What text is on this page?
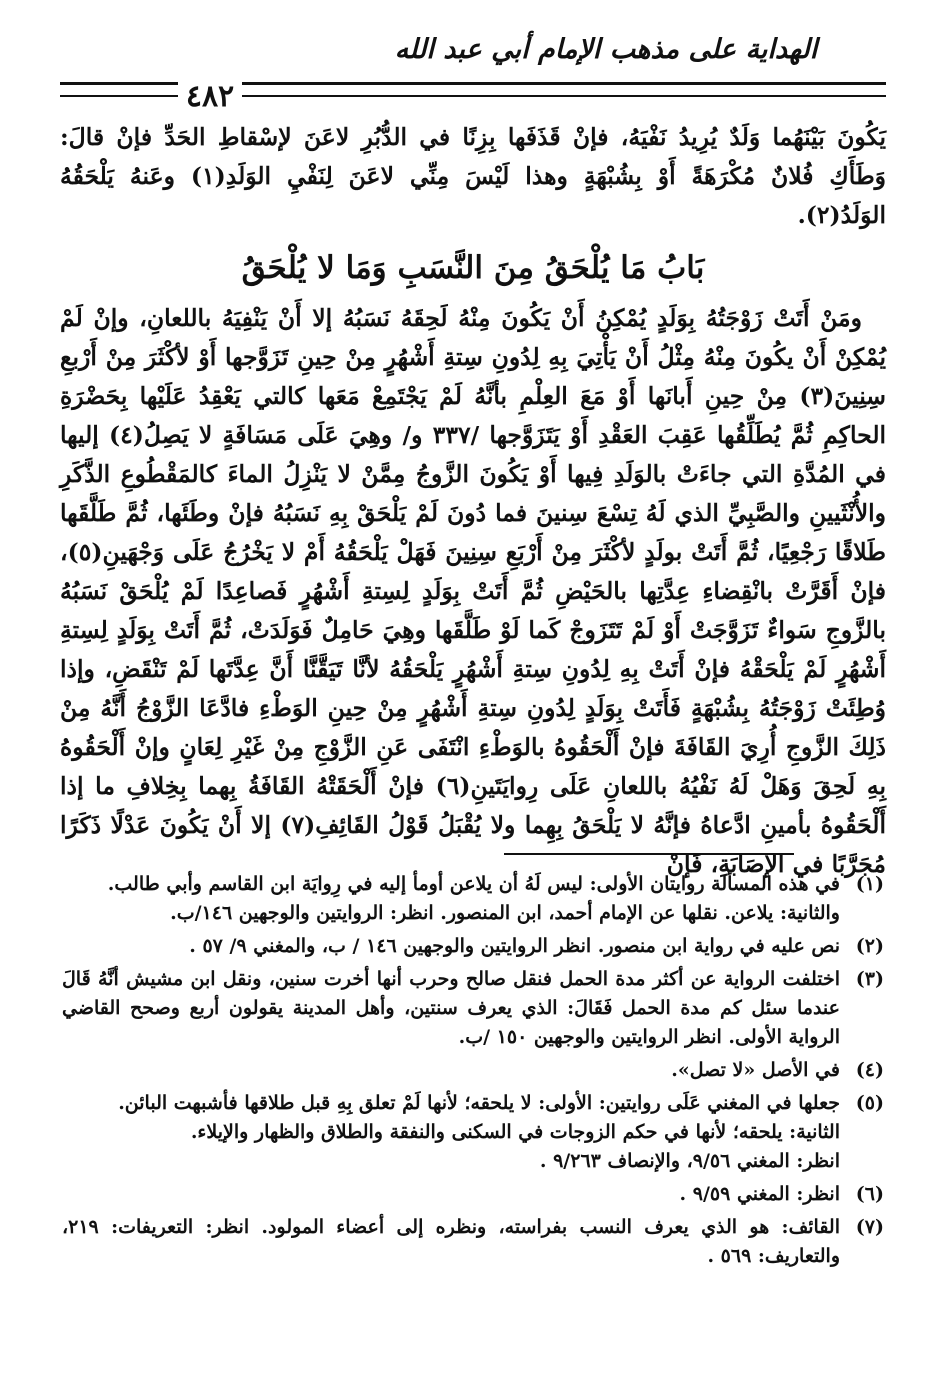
الهداية على مذهب الإمام أبي عبد الله
٤٨٢

يَكُونَ بَيْنَهُما وَلَدٌ يُرِيدُ نَفْيَهُ، فإنْ قَذَفَها بِزِنًا في الدُّبُرِ لاعَنَ لإسْقاطِ الحَدِّ فإنْ قالَ: وَطَأَكِ فُلانٌ مُكْرَهَةً أَوْ بِشُبْهَةٍ وهذا لَيْسَ مِنِّي لاعَنَ لِنَفْيِ الوَلَدِ(١) وعَنهُ يَلْحَقُهُ الوَلَدُ(٢).

بَابُ مَا يُلْحَقُ مِنَ النَّسَبِ وَمَا لا يُلْحَقُ

ومَنْ أَتَتْ زَوْجَتُهُ بِوَلَدٍ يُمْكِنُ أَنْ يَكُونَ مِنْهُ لَحِقَهُ نَسَبُهُ إلا أَنْ يَنْفِيَهُ باللعانِ، وإنْ لَمْ يُمْكِنْ أَنْ يكُونَ مِنْهُ مِثْلُ أَنْ يَأْتِيَ بِهِ لِدُونِ سِتةِ أَشْهُرٍ مِنْ حِينِ تَزَوَّجها أَوْ لأكْثَرَ مِنْ أَرْبعِ سِنِينَ(٣) مِنْ حِينِ أَبانَها أَوْ مَعَ العِلْمِ بأنَّهُ لَمْ يَجْتَمِعْ مَعَها كالتي يَعْقِدُ عَلَيْها بِحَضْرَةِ الحاكِمِ ثُمَّ يُطَلِّقُها عَقِبَ العَقْدِ أَوْ يَتَزَوَّجها /٣٣٧ و/ وهِيَ عَلَى مَسَافَةٍ لا يَصِلُ(٤) إليها في المُدَّةِ التي جاءَتْ بالوَلَدِ فِيها أَوْ يَكُونَ الزَّوجُ مِمَّنْ لا يَنْزِلُ الماءَ كالمَقْطُوعِ الذَّكَرِ والأُنْثَيينِ والصَّبِيِّ الذي لَهُ تِسْعَ سِنينَ فما دُونَ لَمْ يَلْحَقْ بِهِ نَسَبُهُ فإنْ وطَئَها، ثُمَّ طَلَّقَها طَلاقًا رَجْعِيًا، ثُمَّ أَتَتْ بولَدٍ لأكْثَرَ مِنْ أَرْبَعِ سِنِينَ فَهَلْ يَلْحَقُهُ أَمْ لا يَخْرُجُ عَلَى وَجْهَينِ(٥)، فإنْ أَقَرَّتْ بانْقِضاءِ عِدَّتِها بالحَيْضِ ثُمَّ أَتَتْ بِوَلَدٍ لِسِتةِ أَشْهُرٍ فَصاعِدًا لَمْ يُلْحَقْ نَسَبُهُ بالزَّوجِ سَواءٌ تَزَوَّجَتْ أَوْ لَمْ تَتَزَوجْ كَما لَوْ طَلَّقَها وهِيَ حَامِلٌ فَوَلَدَتْ، ثُمَّ أَتَتْ بِوَلَدٍ لِسِتةِ أَشْهُرٍ لَمْ يَلْحَقْهُ فإنْ أَتَتْ بِهِ لِدُونِ سِتةِ أَشْهُرٍ يَلْحَقُهُ لأنَّا تَيَقَّنَّا أَنَّ عِدَّتَها لَمْ تَنْقَضِ، وإذا وُطِئَتْ زَوْجَتُهُ بِشُبْهَةٍ فَأَتَتْ بِوَلَدٍ لِدُونِ سِتةِ أَشْهُرٍ مِنْ حِينِ الوَطْءِ فادَّعَا الزَّوْجُ أَنَّهُ مِنْ ذَلِكَ الزَّوجِ أُرِيَ القَافَةَ فإنْ أَلْحَقُوهُ بالوَطْءِ انْتَفَى عَنِ الزَّوْجِ مِنْ غَيْرِ لِعَانٍ وإنْ أَلْحَقُوهُ بِهِ لَحِقَ وَهَلْ لَهُ نَفْيُهُ باللعانِ عَلَى رِوايَتَينِ(٦) فإنْ أَلْحَقَتْهُ القَافَةُ بِهما بِخِلافِ ما إذا أَلْحَقُوهُ بأمينِ ادَّعاهُ فإنَّهُ لا يَلْحَقُ بِهِما ولا يُقْبَلُ قَوْلُ القَائِفِ(٧) إلا أَنْ يَكُونَ عَدْلًا ذَكَرًا مُجَرَّبًا في الإصَابَةِ، فَإنْ

(١)
في هذه المسألة روايتان الأولى: ليس لَهُ أن يلاعن أومأ إليه في رِوايَة ابن القاسم وأبي طالب.
والثانية: يلاعن. نقلها عن الإمام أحمد، ابن المنصور. انظر: الروايتين والوجهين ١٤٦/ب.
(٢)
نص عليه في رواية ابن منصور. انظر الروايتين والوجهين ١٤٦ / ب، والمغني ٩/ ٥٧ .
(٣)
اختلفت الرواية عن أكثر مدة الحمل فنقل صالح وحرب أنها أخرت سنين، ونقل ابن مشيش أنَّهُ قَالَ عندما سئل كم مدة الحمل فَقَالَ: الذي يعرف سنتين، وأهل المدينة يقولون أربع وصحح القاضي الرواية الأولى. انظر الروايتين والوجهين ١٥٠ /ب.
(٤)
في الأصل «لا تصل».
(٥)
جعلها في المغني عَلَى روايتين: الأولى: لا يلحقه؛ لأنها لَمْ تعلق بِهِ قبل طلاقها فأشبهت البائن.
الثانية: يلحقه؛ لأنها في حكم الزوجات في السكنى والنفقة والطلاق والظهار والإيلاء.
انظر: المغني ٩/٥٦، والإنصاف ٩/٢٦٣ .
(٦)
انظر: المغني ٩/٥٩ .
(٧)
القائف: هو الذي يعرف النسب بفراسته، ونظره إلى أعضاء المولود. انظر: التعريفات: ٢١٩، والتعاريف: ٥٦٩ .
